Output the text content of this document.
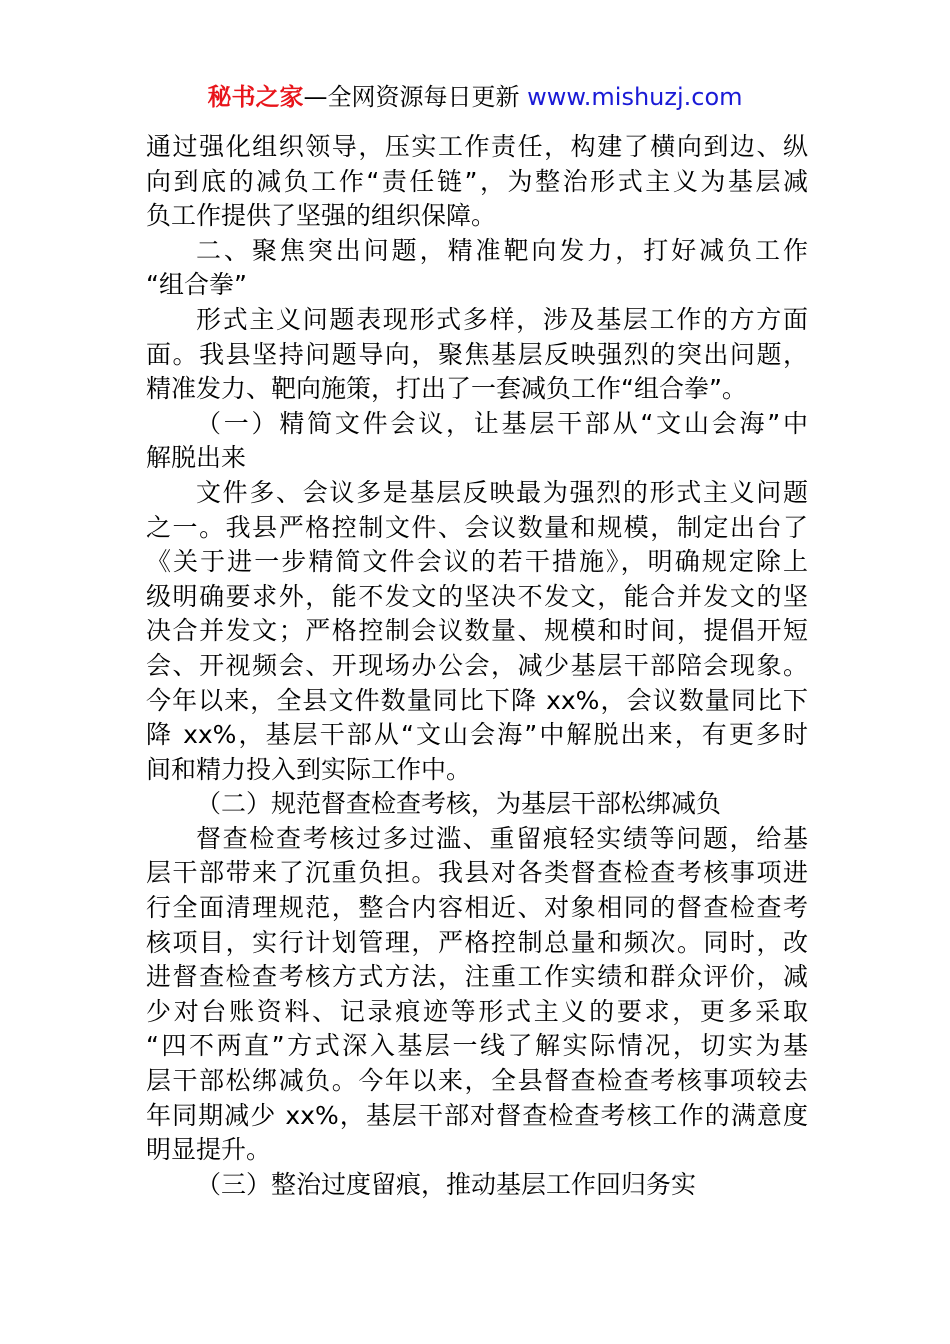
秘书之家—全网资源每日更新 www.mishuzj.com
通过强化组织领导，压实工作责任，构建了横向到边、纵
向到底的减负工作“责任链”，为整治形式主义为基层减
负工作提供了坚强的组织保障。
二、聚焦突出问题，精准靶向发力，打好减负工作
“组合拳”
形式主义问题表现形式多样，涉及基层工作的方方面
面。我县坚持问题导向，聚焦基层反映强烈的突出问题，
精准发力、靶向施策，打出了一套减负工作“组合拳”。
（一）精简文件会议，让基层干部从“文山会海”中
解脱出来
文件多、会议多是基层反映最为强烈的形式主义问题
之一。我县严格控制文件、会议数量和规模，制定出台了
《关于进一步精简文件会议的若干措施》，明确规定除上
级明确要求外，能不发文的坚决不发文，能合并发文的坚
决合并发文；严格控制会议数量、规模和时间，提倡开短
会、开视频会、开现场办公会，减少基层干部陪会现象。
今年以来，全县文件数量同比下降 xx%，会议数量同比下
降 xx%，基层干部从“文山会海”中解脱出来，有更多时
间和精力投入到实际工作中。
（二）规范督查检查考核，为基层干部松绑减负
督查检查考核过多过滥、重留痕轻实绩等问题，给基
层干部带来了沉重负担。我县对各类督查检查考核事项进
行全面清理规范，整合内容相近、对象相同的督查检查考
核项目，实行计划管理，严格控制总量和频次。同时，改
进督查检查考核方式方法，注重工作实绩和群众评价，减
少对台账资料、记录痕迹等形式主义的要求，更多采取
“四不两直”方式深入基层一线了解实际情况，切实为基
层干部松绑减负。今年以来，全县督查检查考核事项较去
年同期减少 xx%，基层干部对督查检查考核工作的满意度
明显提升。
（三）整治过度留痕，推动基层工作回归务实
